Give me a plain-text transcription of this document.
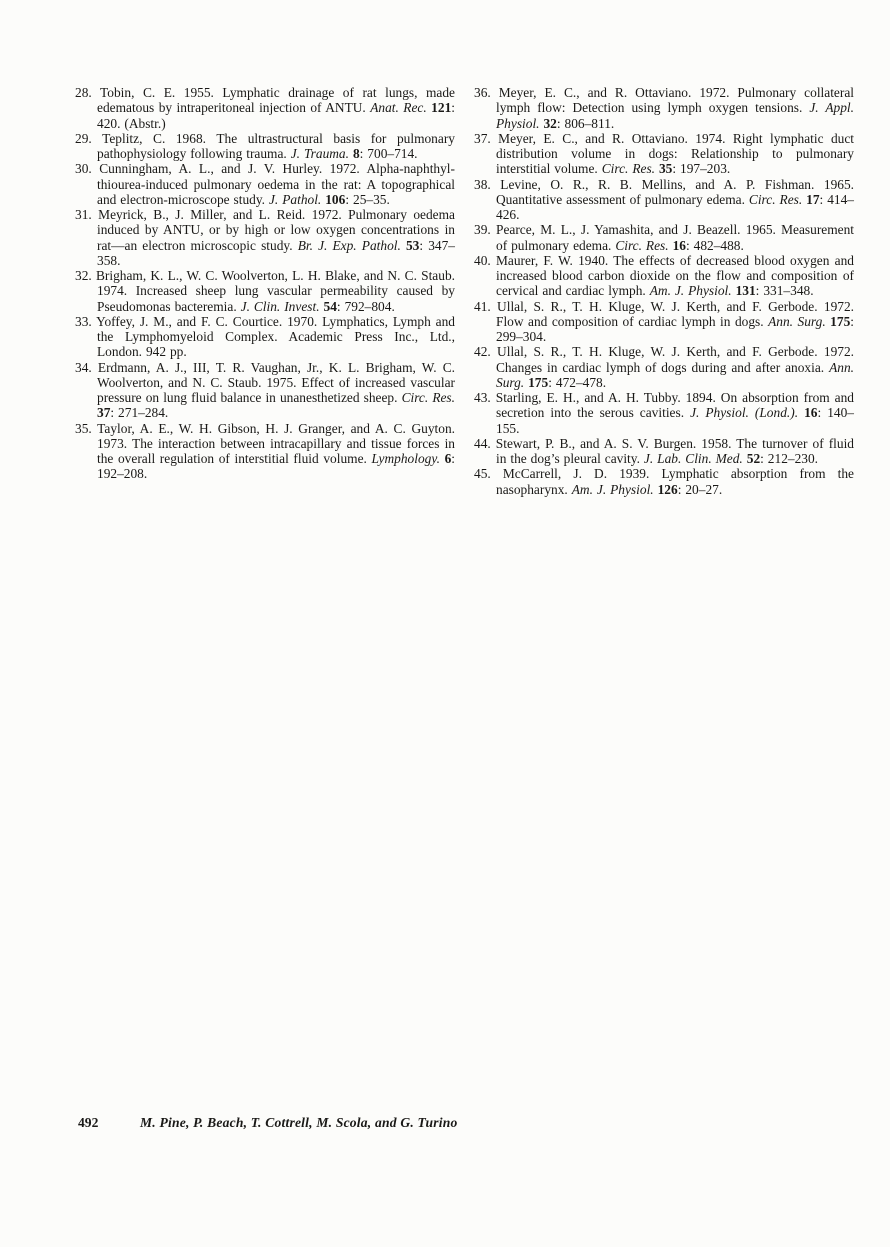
28. Tobin, C. E. 1955. Lymphatic drainage of rat lungs, made edematous by intraperitoneal injection of ANTU. Anat. Rec. 121: 420. (Abstr.)
29. Teplitz, C. 1968. The ultrastructural basis for pulmonary pathophysiology following trauma. J. Trauma. 8: 700–714.
30. Cunningham, A. L., and J. V. Hurley. 1972. Alpha-naphthyl-thiourea-induced pulmonary oedema in the rat: A topographical and electron-microscope study. J. Pathol. 106: 25–35.
31. Meyrick, B., J. Miller, and L. Reid. 1972. Pulmonary oedema induced by ANTU, or by high or low oxygen concentrations in rat—an electron microscopic study. Br. J. Exp. Pathol. 53: 347–358.
32. Brigham, K. L., W. C. Woolverton, L. H. Blake, and N. C. Staub. 1974. Increased sheep lung vascular permeability caused by Pseudomonas bacteremia. J. Clin. Invest. 54: 792–804.
33. Yoffey, J. M., and F. C. Courtice. 1970. Lymphatics, Lymph and the Lymphomyeloid Complex. Academic Press Inc., Ltd., London. 942 pp.
34. Erdmann, A. J., III, T. R. Vaughan, Jr., K. L. Brigham, W. C. Woolverton, and N. C. Staub. 1975. Effect of increased vascular pressure on lung fluid balance in unanesthetized sheep. Circ. Res. 37: 271–284.
35. Taylor, A. E., W. H. Gibson, H. J. Granger, and A. C. Guyton. 1973. The interaction between intracapillary and tissue forces in the overall regulation of interstitial fluid volume. Lymphology. 6: 192–208.
36. Meyer, E. C., and R. Ottaviano. 1972. Pulmonary collateral lymph flow: Detection using lymph oxygen tensions. J. Appl. Physiol. 32: 806–811.
37. Meyer, E. C., and R. Ottaviano. 1974. Right lymphatic duct distribution volume in dogs: Relationship to pulmonary interstitial volume. Circ. Res. 35: 197–203.
38. Levine, O. R., R. B. Mellins, and A. P. Fishman. 1965. Quantitative assessment of pulmonary edema. Circ. Res. 17: 414–426.
39. Pearce, M. L., J. Yamashita, and J. Beazell. 1965. Measurement of pulmonary edema. Circ. Res. 16: 482–488.
40. Maurer, F. W. 1940. The effects of decreased blood oxygen and increased blood carbon dioxide on the flow and composition of cervical and cardiac lymph. Am. J. Physiol. 131: 331–348.
41. Ullal, S. R., T. H. Kluge, W. J. Kerth, and F. Gerbode. 1972. Flow and composition of cardiac lymph in dogs. Ann. Surg. 175: 299–304.
42. Ullal, S. R., T. H. Kluge, W. J. Kerth, and F. Gerbode. 1972. Changes in cardiac lymph of dogs during and after anoxia. Ann. Surg. 175: 472–478.
43. Starling, E. H., and A. H. Tubby. 1894. On absorption from and secretion into the serous cavities. J. Physiol. (Lond.). 16: 140–155.
44. Stewart, P. B., and A. S. V. Burgen. 1958. The turnover of fluid in the dog’s pleural cavity. J. Lab. Clin. Med. 52: 212–230.
45. McCarrell, J. D. 1939. Lymphatic absorption from the nasopharynx. Am. J. Physiol. 126: 20–27.
492	M. Pine, P. Beach, T. Cottrell, M. Scola, and G. Turino
